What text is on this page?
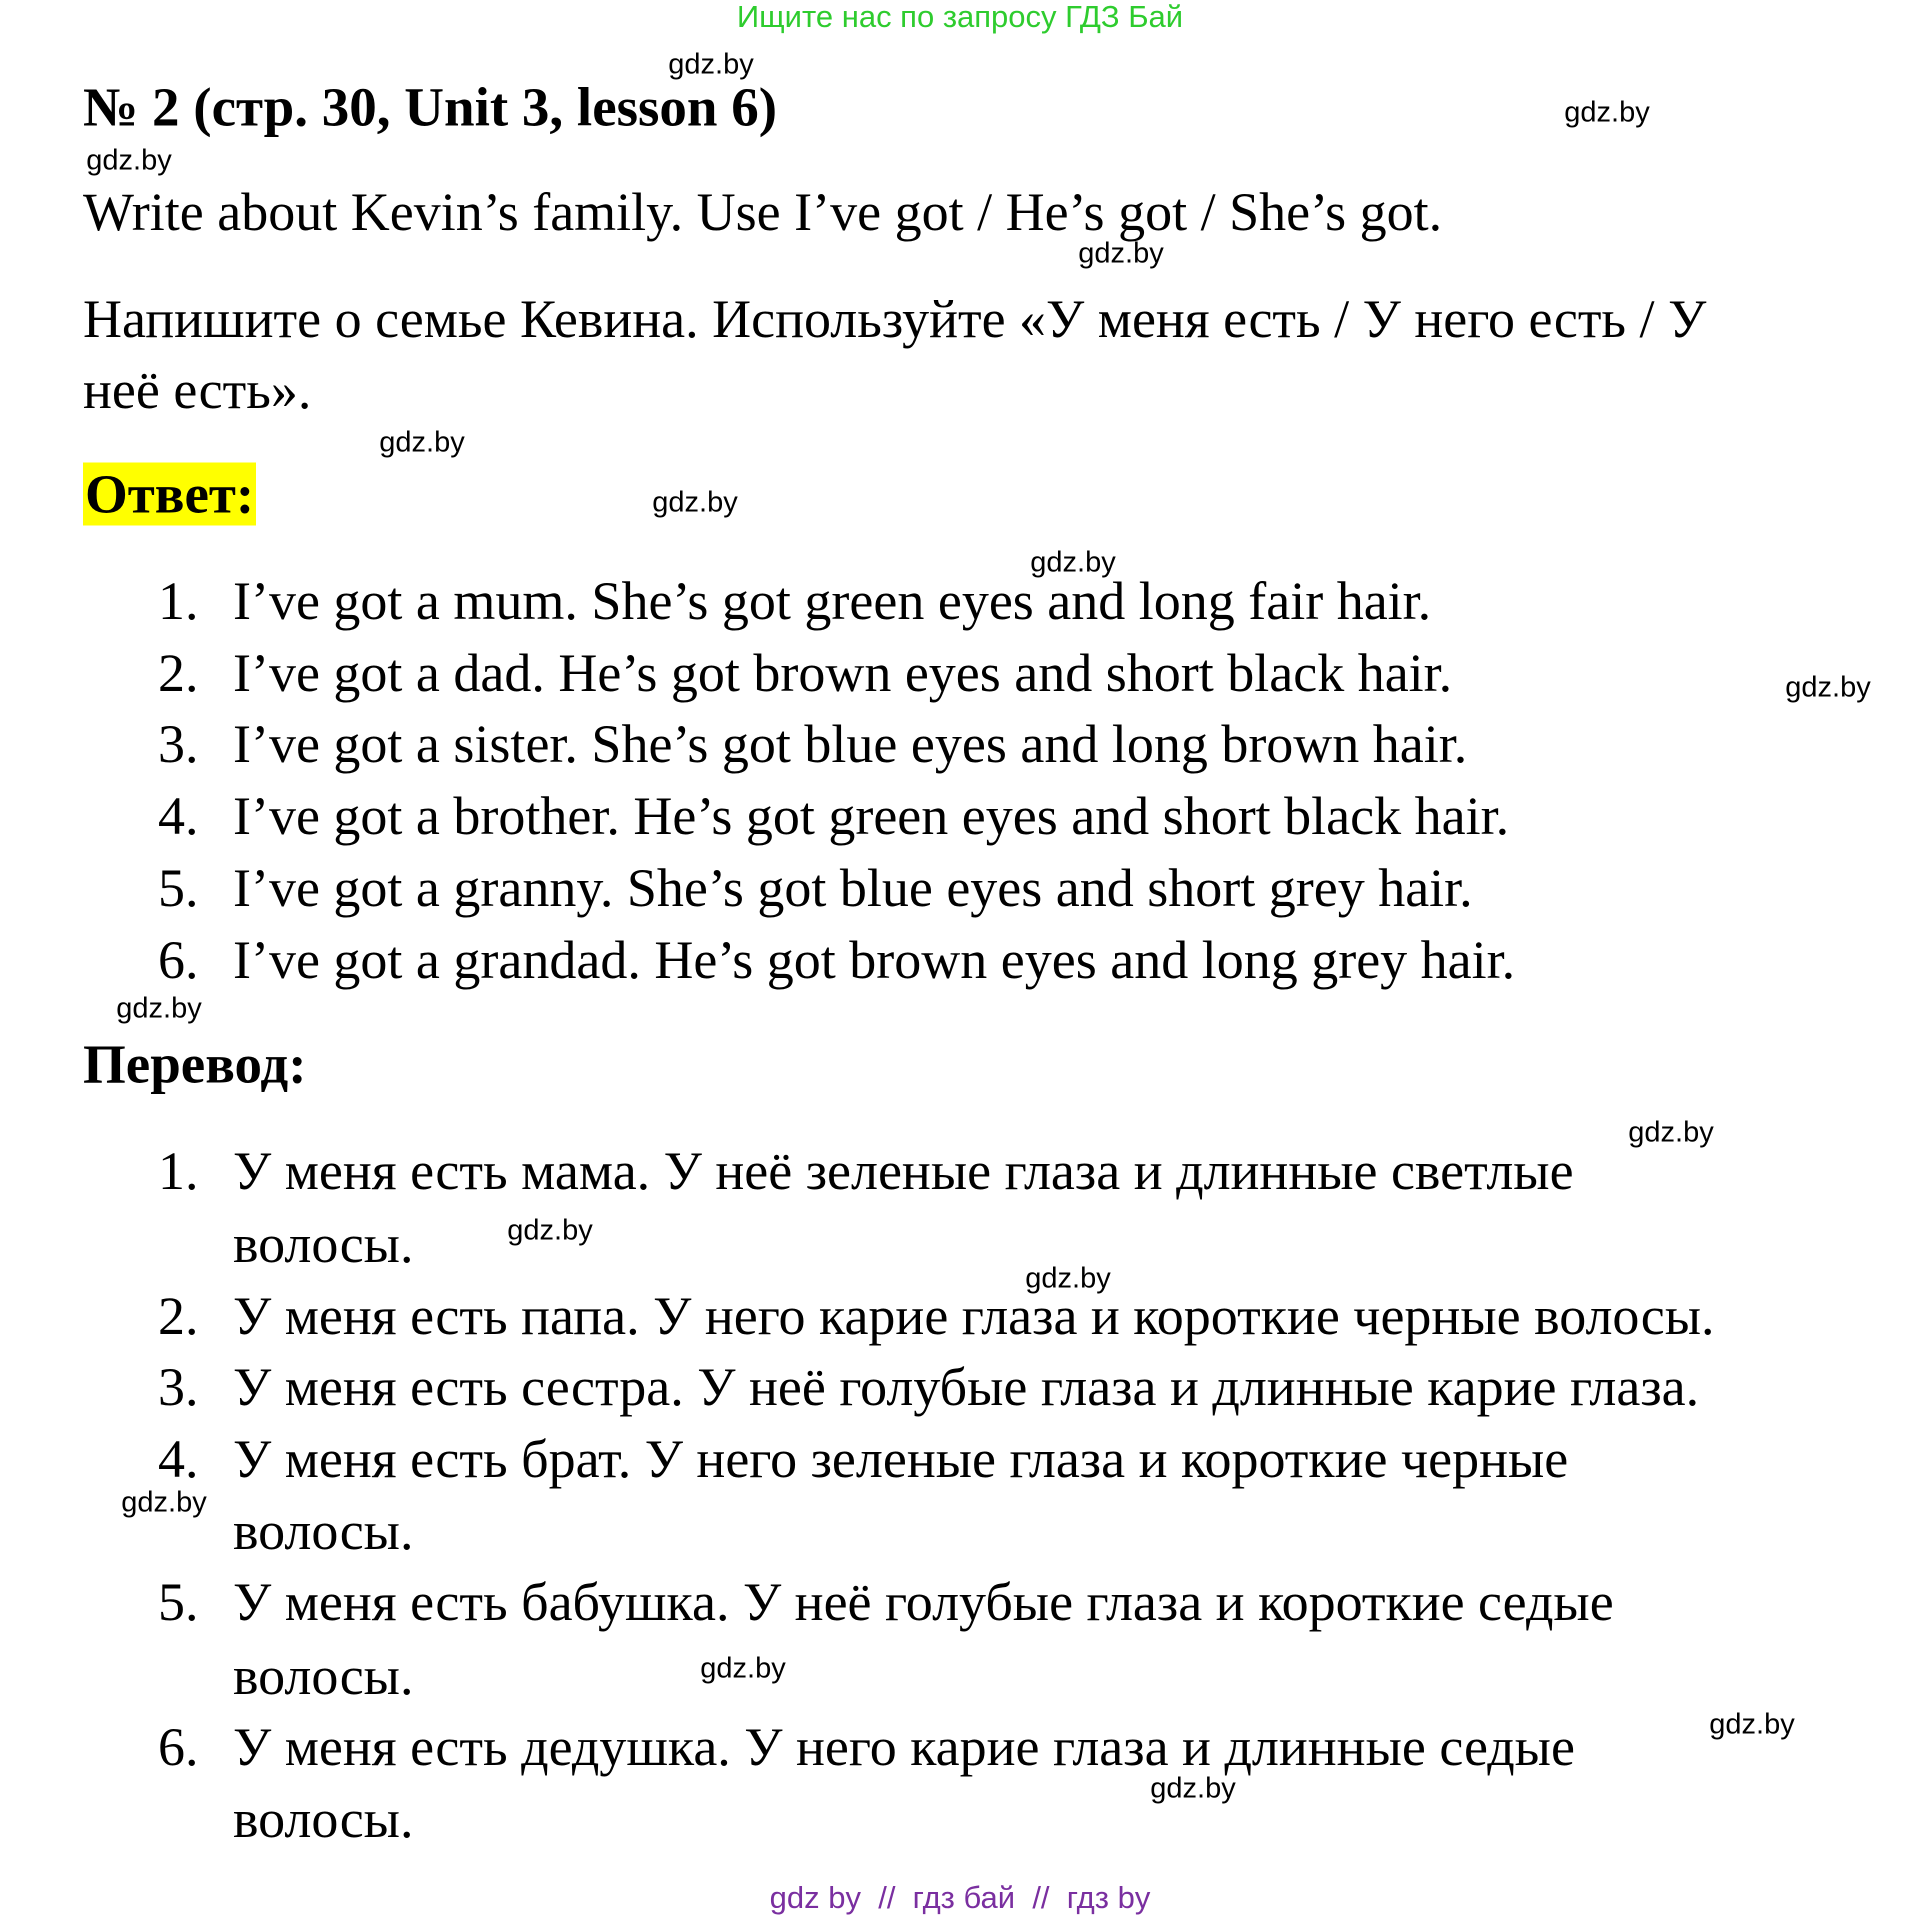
Ищите нас по запросу ГДЗ Бай
№ 2 (стр. 30, Unit 3, lesson 6)
Write about Kevin’s family. Use I’ve got / He’s got / She’s got.
Напишите о семье Кевина. Используйте «У меня есть / У него есть / У
неё есть».
Ответ:
1. I’ve got a mum. She’s got green eyes and long fair hair.
2. I’ve got a dad. He’s got brown eyes and short black hair.
3. I’ve got a sister. She’s got blue eyes and long brown hair.
4. I’ve got a brother. He’s got green eyes and short black hair.
5. I’ve got a granny. She’s got blue eyes and short grey hair.
6. I’ve got a grandad. He’s got brown eyes and long grey hair.
Перевод:
1. У меня есть мама. У неё зеленые глаза и длинные светлые
волосы.
2. У меня есть папа. У него карие глаза и короткие черные волосы.
3. У меня есть сестра. У неё голубые глаза и длинные карие глаза.
4. У меня есть брат. У него зеленые глаза и короткие черные
волосы.
5. У меня есть бабушка. У неё голубые глаза и короткие седые
волосы.
6. У меня есть дедушка. У него карие глаза и длинные седые
волосы.
gdz.by
gdz.by
gdz.by
gdz.by
gdz.by
gdz.by
gdz.by
gdz.by
gdz.by
gdz.by
gdz.by
gdz.by
gdz.by
gdz.by
gdz.by
gdz.by
gdz by  //  гдз бай  //  гдз by
